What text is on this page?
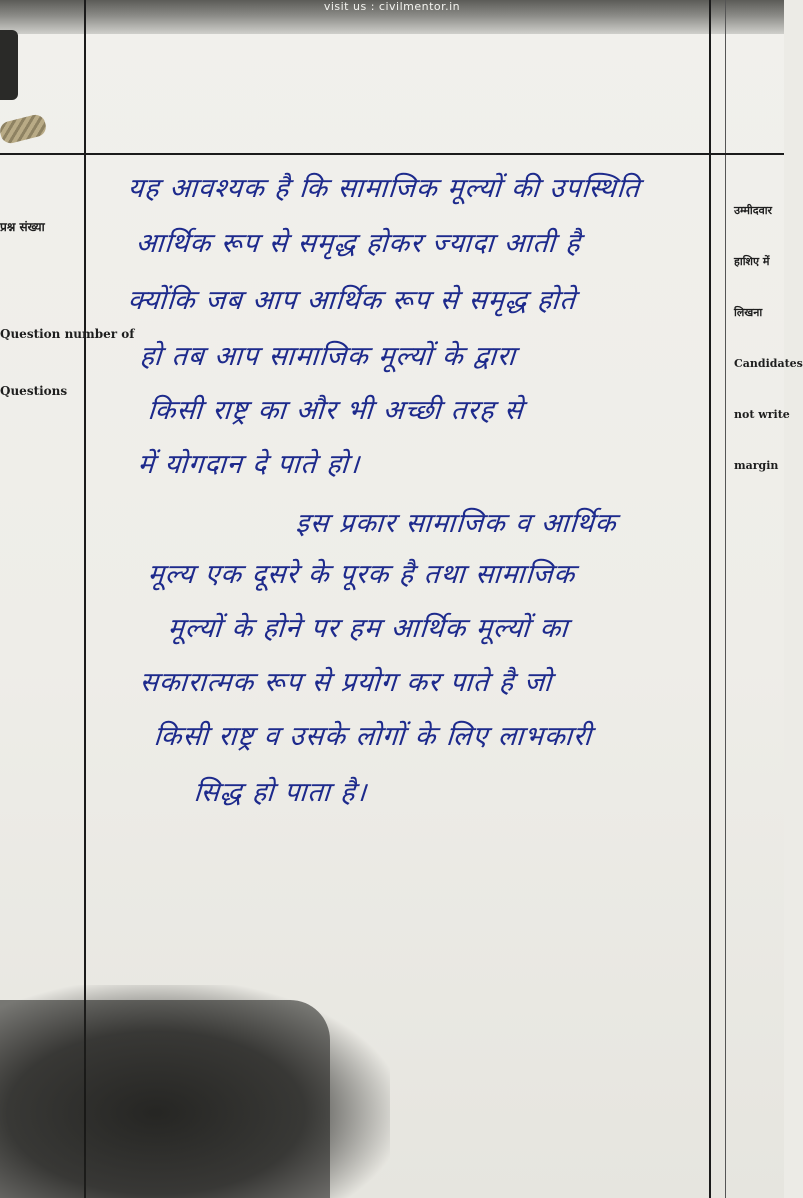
visit us : civilmentor.in

प्रश्न संख्या

Question number of

Questions

उम्मीदवार

हाशिए में

लिखना

Candidates

not write

margin

यह आवश्यक है कि सामाजिक मूल्यों की उपस्थिति
आर्थिक रूप से समृद्ध होकर ज्यादा आती है
क्योंकि जब आप आर्थिक रूप से समृद्ध होते
हो तब आप सामाजिक मूल्यों के द्वारा
किसी राष्ट्र का और भी अच्छी तरह से
में योगदान दे पाते हो।
इस प्रकार सामाजिक व आर्थिक
मूल्य एक दूसरे के पूरक है तथा सामाजिक
मूल्यों के होने पर हम आर्थिक मूल्यों का
सकारात्मक रूप से प्रयोग कर पाते है जो
किसी राष्ट्र व उसके लोगों के लिए लाभकारी
सिद्ध हो पाता है।
